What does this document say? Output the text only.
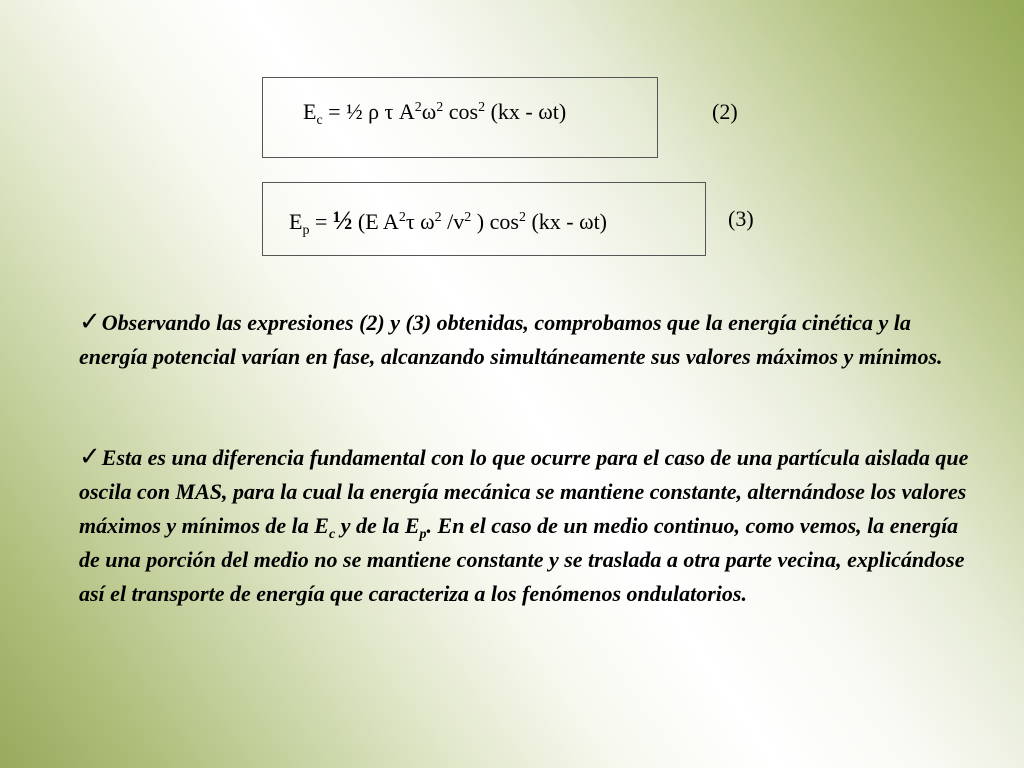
$E_c$ = ½ ρ τ $A^2\omega^2$ $\cos^2 (kx - \omega t)$	(2)
$E_p$ = ½ (E $A^2\tau$ $\omega^2$ $/v^2$ ) $\cos^2 (kx - \omega t)$	(3)
✓Observando las expresiones (2) y (3) obtenidas, comprobamos que la energía cinética y la energía potencial varían en fase, alcanzando simultáneamente sus valores máximos y mínimos.
✓Esta es una diferencia fundamental con lo que ocurre para el caso de una partícula aislada que oscila con MAS, para la cual la energía mecánica se mantiene constante, alternándose los valores máximos y mínimos de la $E_c$ y de la $E_p$. En el caso de un medio continuo, como vemos, la energía de una porción del medio no se mantiene constante y se traslada a otra parte vecina, explicándose así el transporte de energía que caracteriza a los fenómenos ondulatorios.
